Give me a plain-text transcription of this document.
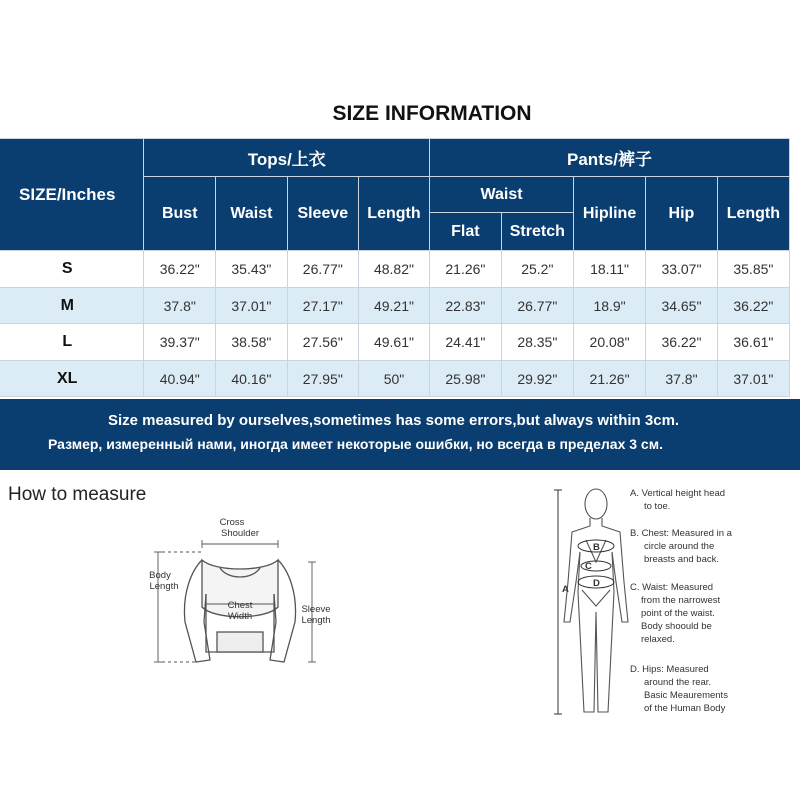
SIZE INFORMATION
SIZE/Inches	Tops/上衣				Pants/裤子				
	Bust	Waist	Sleeve	Length	Waist		Hipline	Hip	Length
					Flat	Stretch			
S	36.22"	35.43"	26.77"	48.82"	21.26"	25.2"	18.11"	33.07"	35.85"
M	37.8"	37.01"	27.17"	49.21"	22.83"	26.77"	18.9"	34.65"	36.22"
L	39.37"	38.58"	27.56"	49.61"	24.41"	28.35"	20.08"	36.22"	36.61"
XL	40.94"	40.16"	27.95"	50"	25.98"	29.92"	21.26"	37.8"	37.01"
Size measured by ourselves,sometimes has some errors,but always within 3cm.
Размер, измеренный нами, иногда имеет некоторые ошибки, но всегда в пределах 3 см.
How to measure
Cross
Shoulder
Body
Length
Chest
Width
Sleeve
Length
A
B
C
D
A. Vertical height head
to toe.
B. Chest: Measured in a
circle around the
breasts and back.
C. Waist: Measured
from the narrowest
point of the waist.
Body shoould be
relaxed.
D. Hips: Measured
around the rear.
Basic Meaurements
of the Human Body
